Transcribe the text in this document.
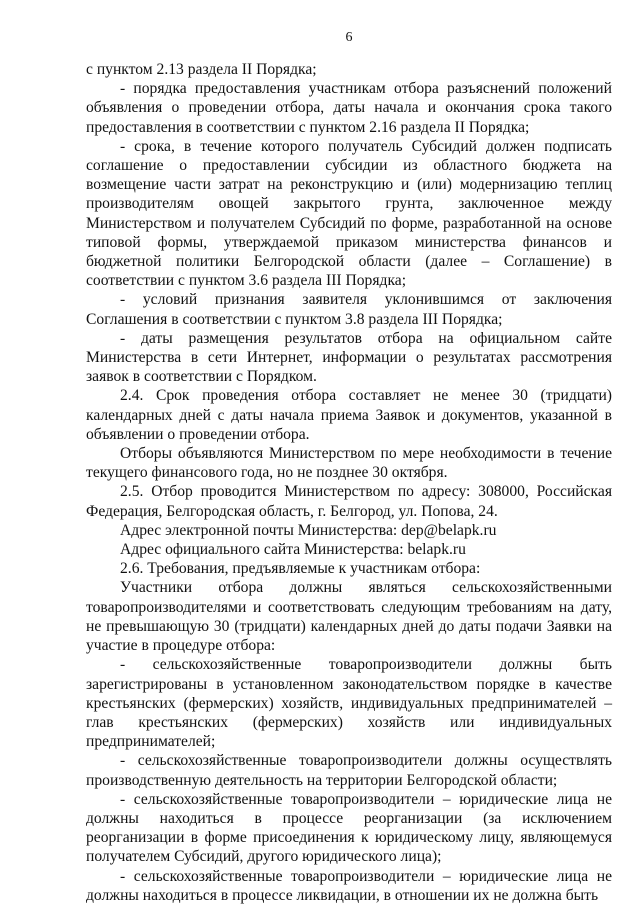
6

с пунктом 2.13 раздела II Порядка;

- порядка предоставления участникам отбора разъяснений положений объявления о проведении отбора, даты начала и окончания срока такого предоставления в соответствии с пунктом 2.16 раздела II Порядка;

- срока, в течение которого получатель Субсидий должен подписать соглашение о предоставлении субсидии из областного бюджета на возмещение части затрат на реконструкцию и (или) модернизацию теплиц производителям овощей закрытого грунта, заключенное между Министерством и получателем Субсидий по форме, разработанной на основе типовой формы, утверждаемой приказом министерства финансов и бюджетной политики Белгородской области (далее – Соглашение) в соответствии с пунктом 3.6 раздела III Порядка;

- условий признания заявителя уклонившимся от заключения Соглашения в соответствии с пунктом 3.8 раздела III Порядка;

- даты размещения результатов отбора на официальном сайте Министерства в сети Интернет, информации о результатах рассмотрения заявок в соответствии с Порядком.

2.4. Срок проведения отбора составляет не менее 30 (тридцати) календарных дней с даты начала приема Заявок и документов, указанной в объявлении о проведении отбора.

Отборы объявляются Министерством по мере необходимости в течение текущего финансового года, но не позднее 30 октября.

2.5. Отбор проводится Министерством по адресу: 308000, Российская Федерация, Белгородская область, г. Белгород, ул. Попова, 24.

Адрес электронной почты Министерства: dep@belapk.ru

Адрес официального сайта Министерства: belapk.ru

2.6. Требования, предъявляемые к участникам отбора:

Участники отбора должны являться сельскохозяйственными товаропроизводителями и соответствовать следующим требованиям на дату, не превышающую 30 (тридцати) календарных дней до даты подачи Заявки на участие в процедуре отбора:

- сельскохозяйственные товаропроизводители должны быть зарегистрированы в установленном законодательством порядке в качестве крестьянских (фермерских) хозяйств, индивидуальных предпринимателей – глав крестьянских (фермерских) хозяйств или индивидуальных предпринимателей;

- сельскохозяйственные товаропроизводители должны осуществлять производственную деятельность на территории Белгородской области;

- сельскохозяйственные товаропроизводители – юридические лица не должны находиться в процессе реорганизации (за исключением реорганизации в форме присоединения к юридическому лицу, являющемуся получателем Субсидий, другого юридического лица);

- сельскохозяйственные товаропроизводители – юридические лица не должны находиться в процессе ликвидации, в отношении их не должна быть
